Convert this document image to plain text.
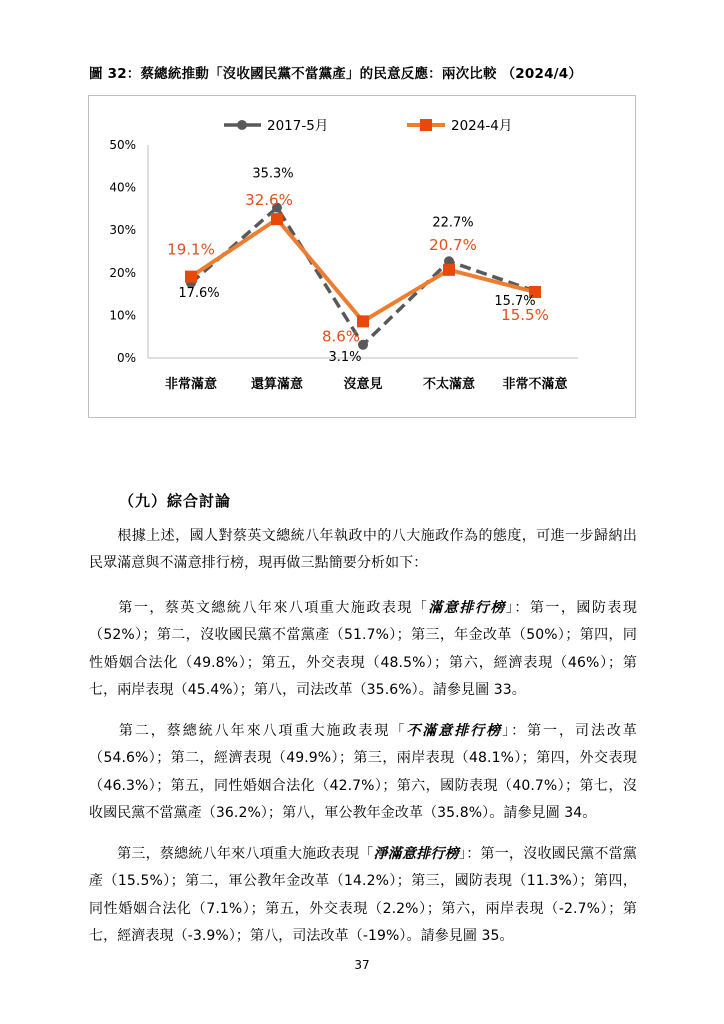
圖 32：蔡總統推動「沒收國民黨不當黨產」的民意反應：兩次比較 （2024/4）
0%
10%
20%
30%
40%
50%
非常滿意	還算滿意	沒意見	不太滿意 非常不滿意
17.6%
35.3%
3.1%
22.7%
15.7%
19.1%
32.6%
8.6%
20.7%
15.5%
2017-5月	2024-4月
（九）綜合討論

根據上述，國人對蔡英文總統八年執政中的八大施政作為的態度，可進一步歸納出民眾滿意與不滿意排行榜，現再做三點簡要分析如下：

第一，蔡英文總統八年來八項重大施政表現「滿意排行榜」：第一，國防表現（52%）；第二，沒收國民黨不當黨產（51.7%）；第三，年金改革（50%）；第四，同性婚姻合法化（49.8%）；第五，外交表現（48.5%）；第六，經濟表現（46%）；第七，兩岸表現（45.4%）；第八，司法改革（35.6%）。請參見圖 33。

第二，蔡總統八年來八項重大施政表現「不滿意排行榜」：第一，司法改革（54.6%）；第二，經濟表現（49.9%）；第三，兩岸表現（48.1%）；第四，外交表現（46.3%）；第五，同性婚姻合法化（42.7%）；第六，國防表現（40.7%）；第七，沒收國民黨不當黨產（36.2%）；第八，軍公教年金改革（35.8%）。請參見圖 34。

第三，蔡總統八年來八項重大施政表現「淨滿意排行榜」：第一，沒收國民黨不當黨產（15.5%）；第二，軍公教年金改革（14.2%）；第三，國防表現（11.3%）；第四，同性婚姻合法化（7.1%）；第五，外交表現（2.2%）；第六，兩岸表現（-2.7%）；第七，經濟表現（-3.9%）；第八，司法改革（-19%）。請參見圖 35。

37
